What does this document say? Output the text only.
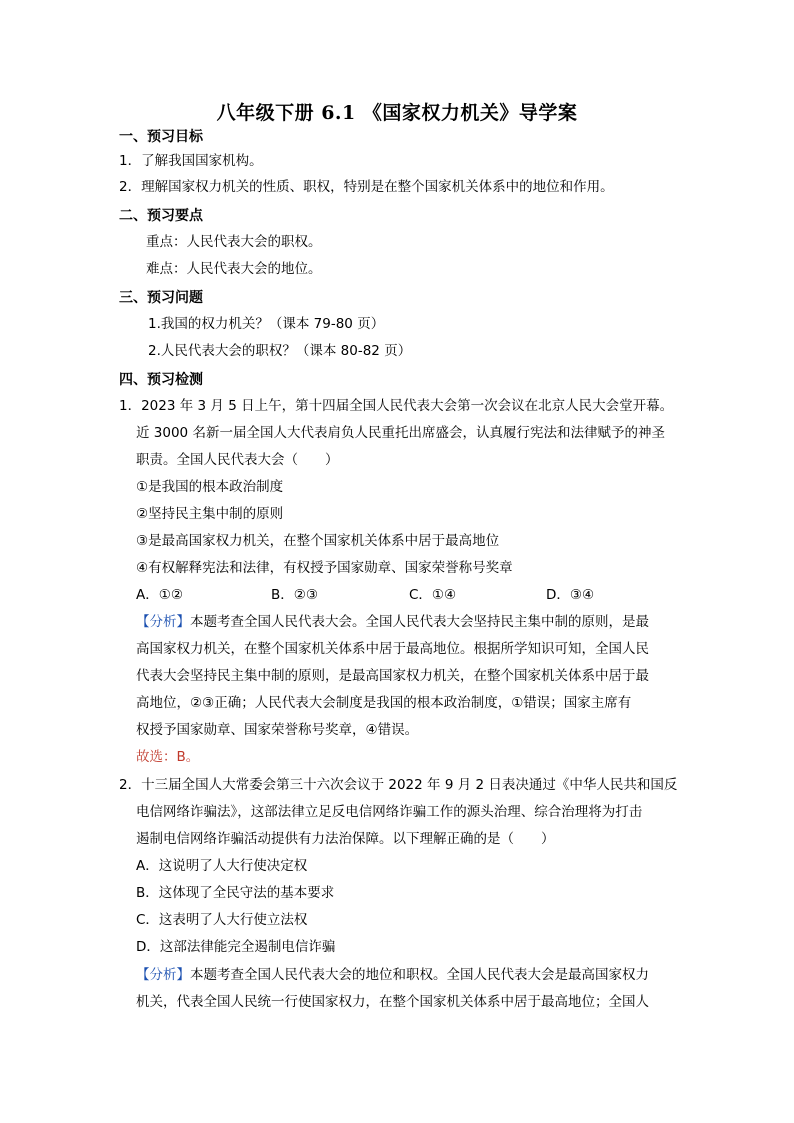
八年级下册 6.1 《国家权力机关》导学案
一、预习目标
1．了解我国国家机构。
2．理解国家权力机关的性质、职权，特别是在整个国家机关体系中的地位和作用。
二、预习要点
重点：人民代表大会的职权。
难点：人民代表大会的地位。
三、预习问题
1.我国的权力机关？（课本 79-80 页）
2.人民代表大会的职权？（课本 80-82 页）
四、预习检测
1．2023 年 3 月 5 日上午，第十四届全国人民代表大会第一次会议在北京人民大会堂开幕。
近 3000 名新一届全国人大代表肩负人民重托出席盛会，认真履行宪法和法律赋予的神圣
职责。全国人民代表大会（　　）
①是我国的根本政治制度
②坚持民主集中制的原则
③是最高国家权力机关，在整个国家机关体系中居于最高地位
④有权解释宪法和法律，有权授予国家勋章、国家荣誉称号奖章
A．①②	B．②③	C．①④	D．③④
【分析】本题考查全国人民代表大会。全国人民代表大会坚持民主集中制的原则，是最
高国家权力机关，在整个国家机关体系中居于最高地位。根据所学知识可知，全国人民
代表大会坚持民主集中制的原则，是最高国家权力机关，在整个国家机关体系中居于最
高地位，②③正确；人民代表大会制度是我国的根本政治制度，①错误；国家主席有
权授予国家勋章、国家荣誉称号奖章，④错误。
故选：B。
2．十三届全国人大常委会第三十六次会议于 2022 年 9 月 2 日表决通过《中华人民共和国反
电信网络诈骗法》，这部法律立足反电信网络诈骗工作的源头治理、综合治理将为打击
遏制电信网络诈骗活动提供有力法治保障。以下理解正确的是（　　）
A．这说明了人大行使决定权
B．这体现了全民守法的基本要求
C．这表明了人大行使立法权
D．这部法律能完全遏制电信诈骗
【分析】本题考查全国人民代表大会的地位和职权。全国人民代表大会是最高国家权力
机关，代表全国人民统一行使国家权力，在整个国家机关体系中居于最高地位；全国人
